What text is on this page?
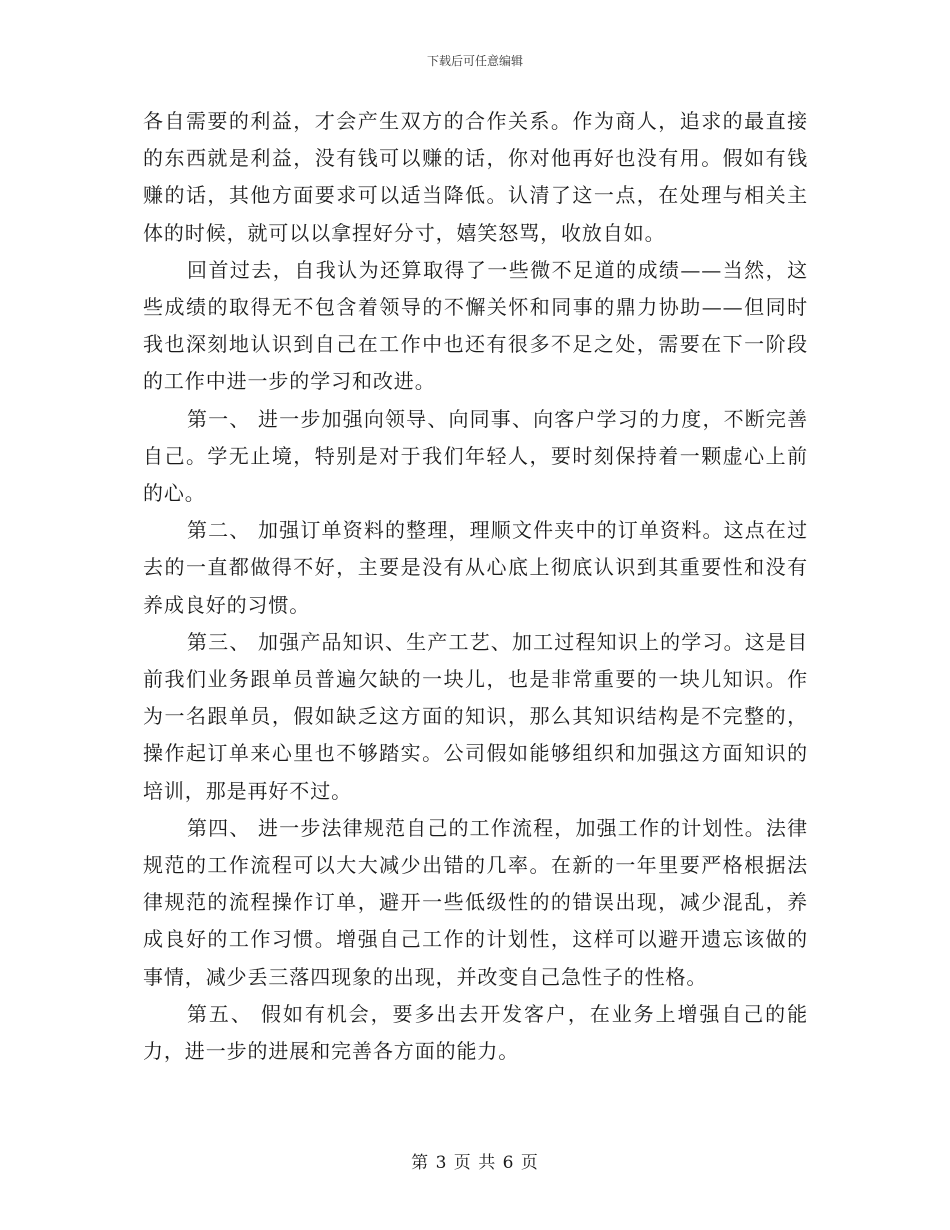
下载后可任意编辑

各自需要的利益，才会产生双方的合作关系。作为商人，追求的最直接的东西就是利益，没有钱可以赚的话，你对他再好也没有用。假如有钱赚的话，其他方面要求可以适当降低。认清了这一点，在处理与相关主体的时候，就可以以拿捏好分寸，嬉笑怒骂，收放自如。

回首过去，自我认为还算取得了一些微不足道的成绩——当然，这些成绩的取得无不包含着领导的不懈关怀和同事的鼎力协助——但同时我也深刻地认识到自己在工作中也还有很多不足之处，需要在下一阶段的工作中进一步的学习和改进。

第一、 进一步加强向领导、向同事、向客户学习的力度，不断完善自己。学无止境，特别是对于我们年轻人，要时刻保持着一颗虚心上前的心。

第二、 加强订单资料的整理，理顺文件夹中的订单资料。这点在过去的一直都做得不好，主要是没有从心底上彻底认识到其重要性和没有养成良好的习惯。

第三、 加强产品知识、生产工艺、加工过程知识上的学习。这是目前我们业务跟单员普遍欠缺的一块儿，也是非常重要的一块儿知识。作为一名跟单员，假如缺乏这方面的知识，那么其知识结构是不完整的，操作起订单来心里也不够踏实。公司假如能够组织和加强这方面知识的培训，那是再好不过。

第四、 进一步法律规范自己的工作流程，加强工作的计划性。法律规范的工作流程可以大大减少出错的几率。在新的一年里要严格根据法律规范的流程操作订单，避开一些低级性的的错误出现，减少混乱，养成良好的工作习惯。增强自己工作的计划性，这样可以避开遗忘该做的事情，减少丢三落四现象的出现，并改变自己急性子的性格。

第五、 假如有机会，要多出去开发客户，在业务上增强自己的能力，进一步的进展和完善各方面的能力。

第 3 页 共 6 页
